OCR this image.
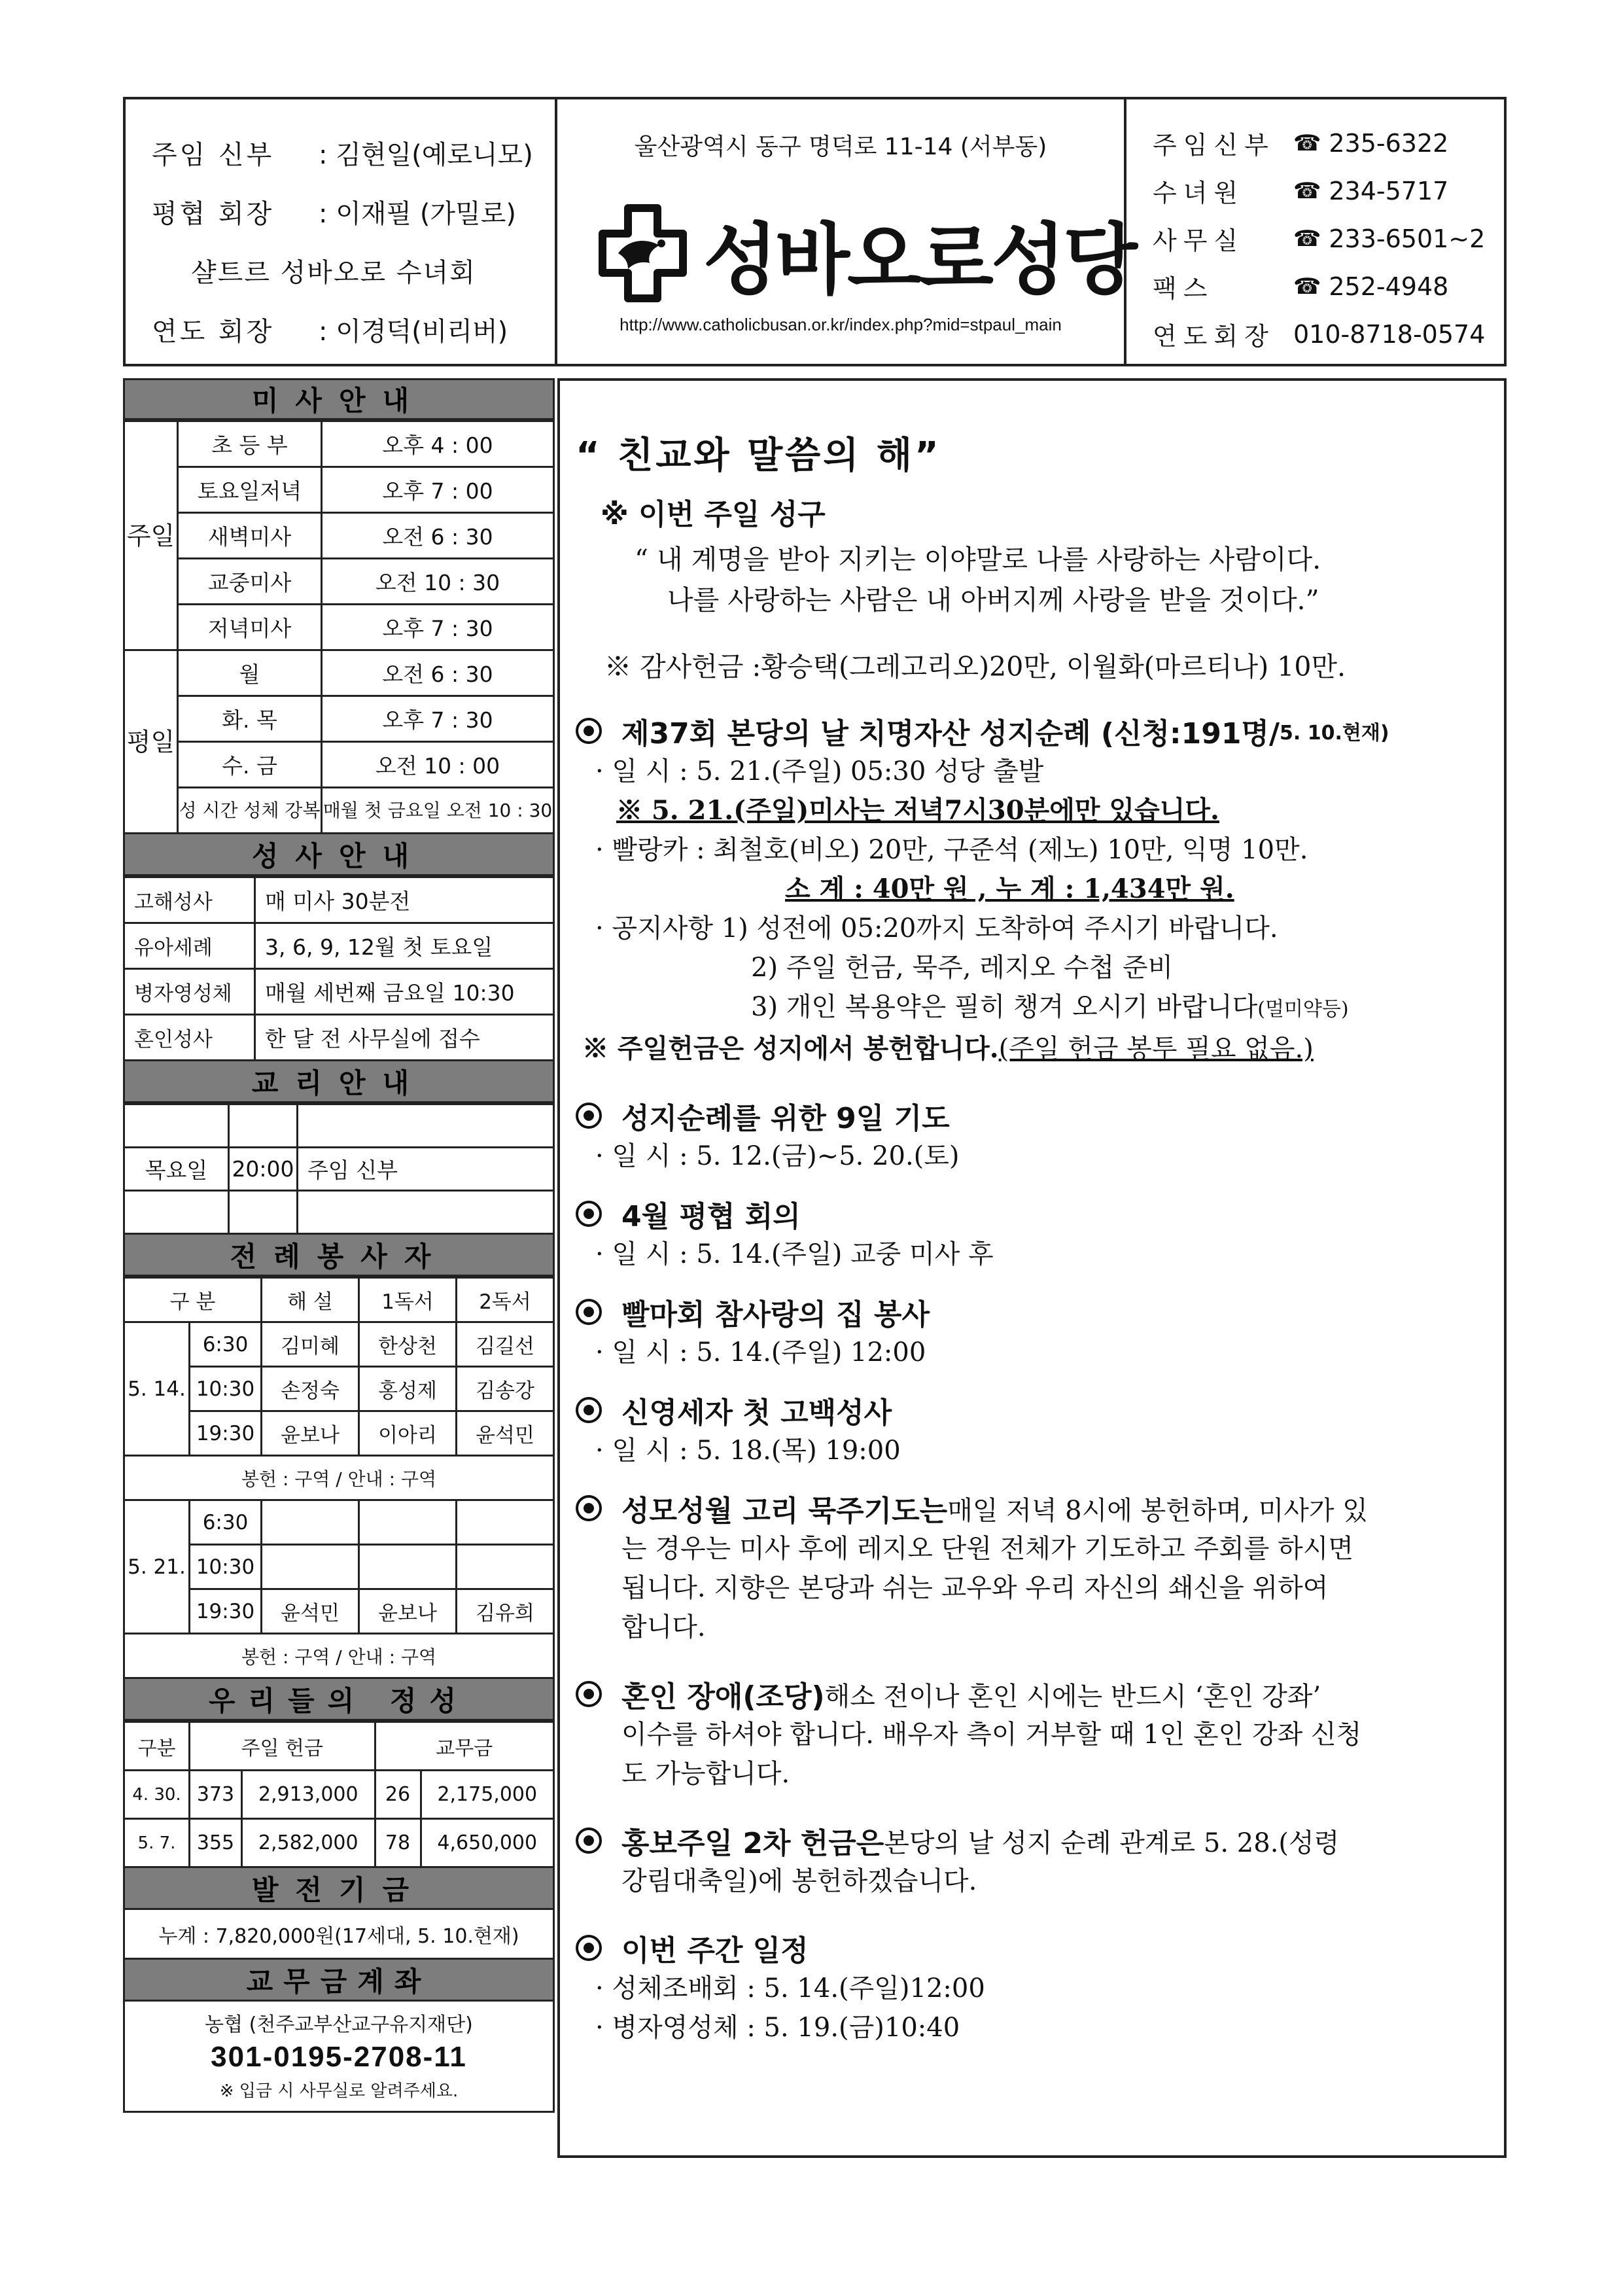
주임 신부	: 김현일(예로니모)
평협 회장	: 이재필 (가밀로)
샬트르 성바오로 수녀회
연도 회장	: 이경덕(비리버)
울산광역시 동구 명덕로 11-14 (서부동)
성바오로성당
http://www.catholicbusan.or.kr/index.php?mid=stpaul_main
주임신부 ☎ 235-6322
수녀원	☎ 234-5717
사무실	☎ 233-6501~2
팩스	☎ 252-4948
연도회장 010-8718-0574
미사안내
주일	초 등 부	오후 4 : 00
	토요일저녁	오후 7 : 00
	새벽미사	오전 6 : 30
	교중미사	오전 10 : 30
	저녁미사	오후 7 : 30
평일	월	오전 6 : 30
	화. 목	오후 7 : 30
	수. 금	오전 10 : 00
	성 시간 성체 강복	매월 첫 금요일 오전 10 : 30
성사안내
고해성사	매 미사 30분전
유아세례	3, 6, 9, 12월 첫 토요일
병자영성체	매월 세번째 금요일 10:30
혼인성사	한 달 전 사무실에 접수
교리안내

목요일	20:00	주임 신부

전례봉사자
구 분		해 설	1독서	2독서
5. 14.	6:30	김미혜	한상천	김길선
	10:30	손정숙	홍성제	김송강
	19:30	윤보나	이아리	윤석민
봉헌 : 구역 / 안내 : 구역				
5. 21.	6:30			
	10:30			
	19:30	윤석민	윤보나	김유희
봉헌 : 구역 / 안내 : 구역				
우리들의 정성
구분	주일 헌금		교무금	
4. 30.	373	2,913,000	26	2,175,000
5. 7.	355	2,582,000	78	4,650,000
발전기금
누계 : 7,820,000원(17세대, 5. 10.현재)
교무금계좌
농협 (천주교부산교구유지재단)
301-0195-2708-11
※ 입금 시 사무실로 알려주세요.
“ 친교와 말씀의 해”
※ 이번 주일 성구
“ 내 계명을 받아 지키는 이야말로 나를 사랑하는 사람이다.
나를 사랑하는 사람은 내 아버지께 사랑을 받을 것이다.”
※ 감사헌금 :황승택(그레고리오)20만, 이월화(마르티나) 10만.
제37회 본당의 날 치명자산 성지순례 (신청:191명/ 5. 10.현재)
· 일 시 : 5. 21.(주일) 05:30 성당 출발
※ 5. 21.(주일)미사는 저녁7시30분에만 있습니다.
· 빨랑카 : 최철호(비오) 20만, 구준석 (제노) 10만, 익명 10만.
소 계 : 40만 원 , 누 계 : 1,434만 원.
· 공지사항 1) 성전에 05:20까지 도착하여 주시기 바랍니다.
2) 주일 헌금, 묵주, 레지오 수첩 준비
3) 개인 복용약은 필히 챙겨 오시기 바랍니다(멀미약등)
※ 주일헌금은 성지에서 봉헌합니다.(주일 헌금 봉투 필요 없음.)
성지순례를 위한 9일 기도
· 일 시 : 5. 12.(금)~5. 20.(토)
4월 평협 회의
· 일 시 : 5. 14.(주일) 교중 미사 후
빨마회 참사랑의 집 봉사
· 일 시 : 5. 14.(주일) 12:00
신영세자 첫 고백성사
· 일 시 : 5. 18.(목) 19:00
성모성월 고리 묵주기도는 매일 저녁 8시에 봉헌하며, 미사가 있
는 경우는 미사 후에 레지오 단원 전체가 기도하고 주회를 하시면
됩니다. 지향은 본당과 쉬는 교우와 우리 자신의 쇄신을 위하여
합니다.
혼인 장애(조당) 해소 전이나 혼인 시에는 반드시 ‘혼인 강좌’
이수를 하셔야 합니다. 배우자 측이 거부할 때 1인 혼인 강좌 신청
도 가능합니다.
홍보주일 2차 헌금은 본당의 날 성지 순례 관계로 5. 28.(성령
강림대축일)에 봉헌하겠습니다.
이번 주간 일정
· 성체조배회 : 5. 14.(주일)12:00
· 병자영성체 : 5. 19.(금)10:40
